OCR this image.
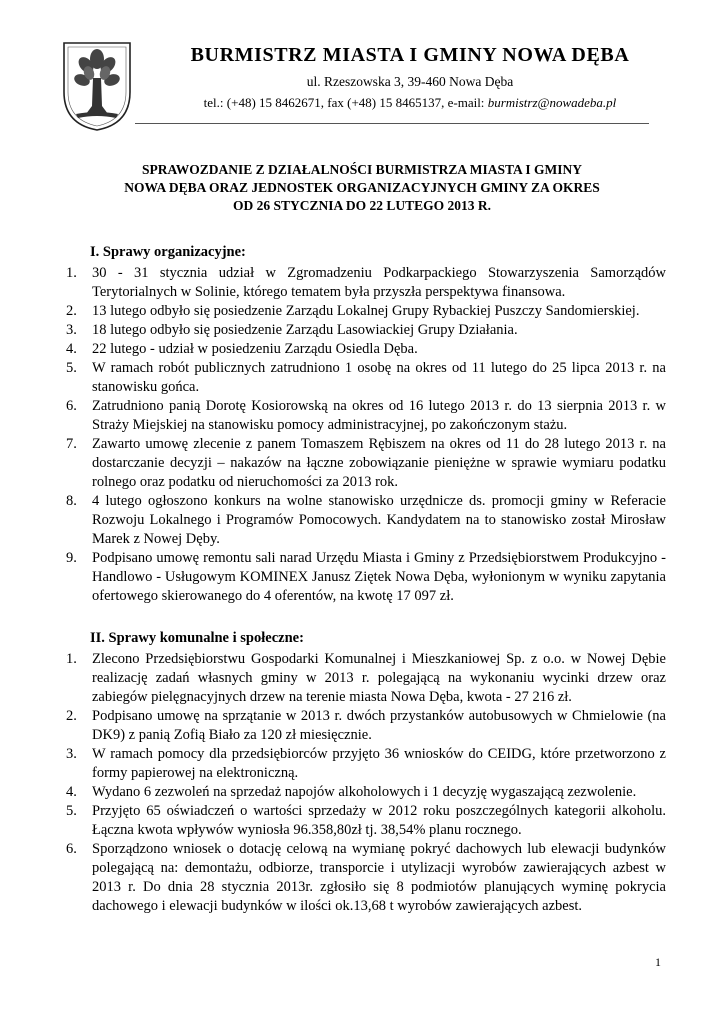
BURMISTRZ MIASTA I GMINY NOWA DĘBA
ul. Rzeszowska 3, 39-460 Nowa Dęba
tel.: (+48) 15 8462671, fax (+48) 15 8465137, e-mail: burmistrz@nowadeba.pl
SPRAWOZDANIE Z DZIAŁALNOŚCI BURMISTRZA MIASTA I GMINY
NOWA DĘBA ORAZ JEDNOSTEK ORGANIZACYJNYCH GMINY ZA OKRES
OD 26 STYCZNIA DO 22 LUTEGO 2013 R.
I. Sprawy organizacyjne:
1. 30 - 31 stycznia udział w Zgromadzeniu Podkarpackiego Stowarzyszenia Samorządów Terytorialnych w Solinie, którego tematem była przyszła perspektywa finansowa.
2. 13 lutego odbyło się posiedzenie Zarządu Lokalnej Grupy Rybackiej Puszczy Sandomierskiej.
3. 18 lutego odbyło się posiedzenie Zarządu Lasowiackiej Grupy Działania.
4. 22 lutego - udział w posiedzeniu Zarządu Osiedla Dęba.
5. W ramach robót publicznych zatrudniono 1 osobę na okres od 11 lutego do 25 lipca 2013 r. na stanowisku gońca.
6. Zatrudniono panią Dorotę Kosiorowską na okres od 16 lutego 2013 r. do 13 sierpnia 2013 r. w Straży Miejskiej na stanowisku pomocy administracyjnej, po zakończonym stażu.
7. Zawarto umowę zlecenie z panem Tomaszem Rębiszem na okres od 11 do 28 lutego 2013 r. na dostarczanie decyzji – nakazów na łączne zobowiązanie pieniężne w sprawie wymiaru podatku rolnego oraz podatku od nieruchomości za 2013 rok.
8. 4 lutego ogłoszono konkurs na wolne stanowisko urzędnicze ds. promocji gminy w Referacie Rozwoju Lokalnego i Programów Pomocowych. Kandydatem na to stanowisko został Mirosław Marek z Nowej Dęby.
9. Podpisano umowę remontu sali narad Urzędu Miasta i Gminy z Przedsiębiorstwem Produkcyjno - Handlowo - Usługowym KOMINEX Janusz Ziętek Nowa Dęba, wyłonionym w wyniku zapytania ofertowego skierowanego do 4 oferentów, na kwotę 17 097 zł.
II. Sprawy komunalne i społeczne:
1. Zlecono Przedsiębiorstwu Gospodarki Komunalnej i Mieszkaniowej Sp. z o.o. w Nowej Dębie realizację zadań własnych gminy w 2013 r. polegającą na wykonaniu wycinki drzew oraz zabiegów pielęgnacyjnych drzew na terenie miasta Nowa Dęba, kwota - 27 216 zł.
2. Podpisano umowę na sprzątanie w 2013 r. dwóch przystanków autobusowych w Chmielowie (na DK9) z panią Zofią Biało za 120 zł miesięcznie.
3. W ramach pomocy dla przedsiębiorców przyjęto 36 wniosków do CEIDG, które przetworzono z formy papierowej na elektroniczną.
4. Wydano 6 zezwoleń na sprzedaż napojów alkoholowych i 1 decyzję wygaszającą zezwolenie.
5. Przyjęto 65 oświadczeń o wartości sprzedaży w 2012 roku poszczególnych kategorii alkoholu. Łączna kwota wpływów wyniosła 96.358,80zł tj. 38,54% planu rocznego.
6. Sporządzono wniosek o dotację celową na wymianę pokryć dachowych lub elewacji budynków polegającą na: demontażu, odbiorze, transporcie i utylizacji wyrobów zawierających azbest w 2013 r. Do dnia 28 stycznia 2013r. zgłosiło się 8 podmiotów planujących wyminę pokrycia dachowego i elewacji budynków w ilości ok.13,68 t wyrobów zawierających azbest.
1
